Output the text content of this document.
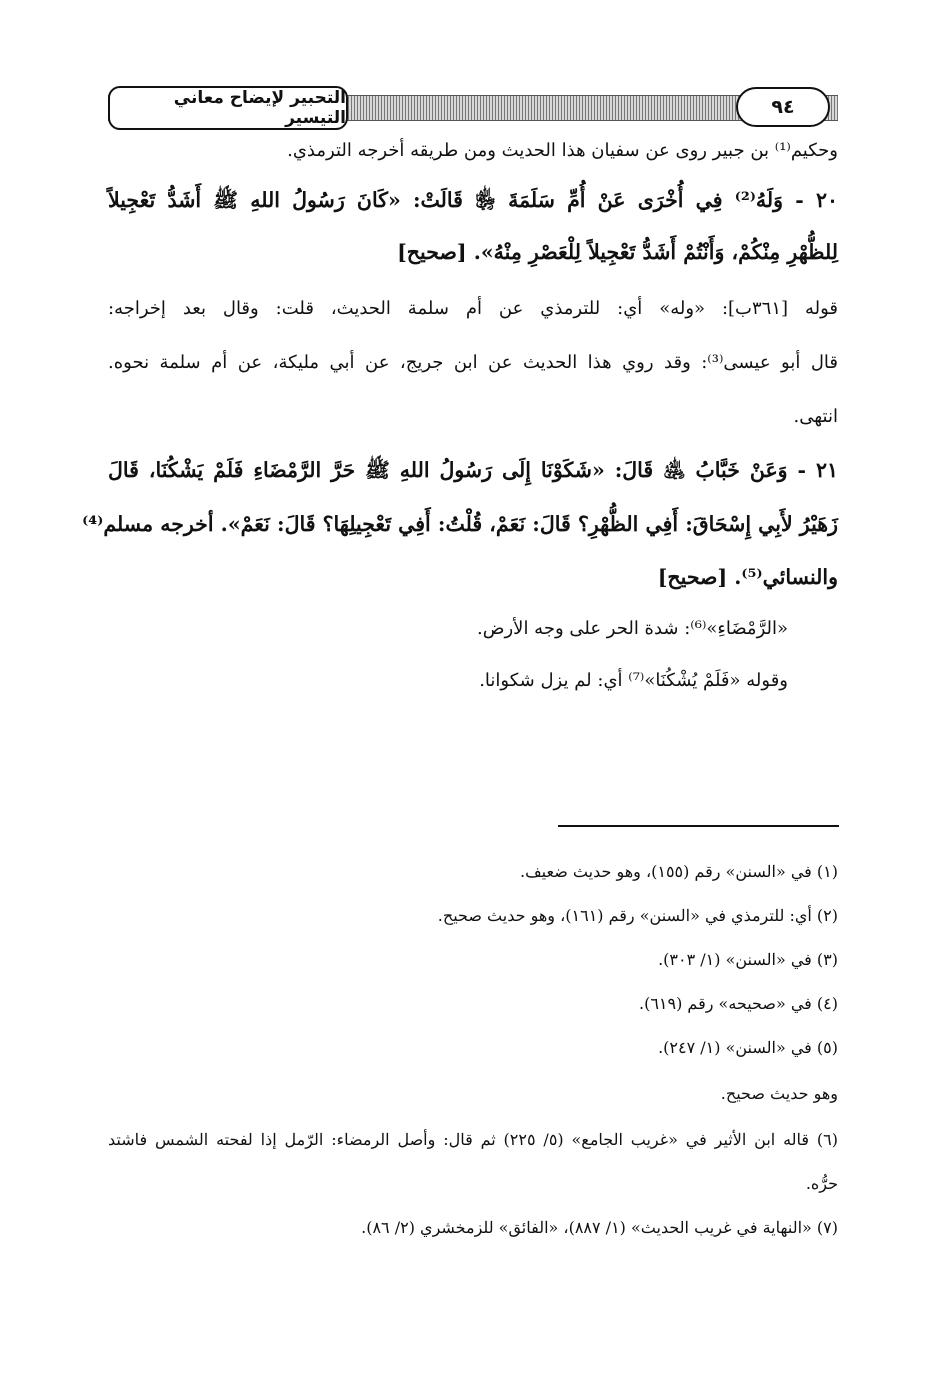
التحبير لإيضاح معاني التيسير	٩٤
وحكيم⁽¹⁾ بن جبير روى عن سفيان هذا الحديث ومن طريقه أخرجه الترمذي.
٢٠ - وَلَهُ⁽²⁾ فِي أُخْرَى عَنْ أُمِّ سَلَمَةَ ﵂ قَالَتْ: «كَانَ رَسُولُ اللهِ ﷺ أَشَدُّ تَعْجِيلاً
لِلظُّهْرِ مِنْكُمْ، وَأَنْتُمْ أَشَدُّ تَعْجِيلاً لِلْعَصْرِ مِنْهُ». [صحيح]
قوله [٣٦١ب]: «وله» أي: للترمذي عن أم سلمة الحديث، قلت: وقال بعد إخراجه:
قال أبو عيسى⁽³⁾: وقد روي هذا الحديث عن ابن جريج، عن أبي مليكة، عن أم سلمة نحوه.
انتهى.
٢١ - وَعَنْ خَبَّابُ ﵁ قَالَ: «شَكَوْنَا إِلَى رَسُولُ اللهِ ﷺ حَرَّ الرَّمْضَاءِ فَلَمْ يَشْكُنَا، قَالَ
زَهَيْرُ لأَبِي إِسْحَاقَ: أَفِي الظُّهْرِ؟ قَالَ: نَعَمْ، قُلْتُ: أَفِي تَعْجِيلِهَا؟ قَالَ: نَعَمْ». أخرجه مسلم⁽⁴⁾
والنسائي⁽⁵⁾. [صحيح]
«الرَّمْضَاءِ»⁽⁶⁾: شدة الحر على وجه الأرض.
وقوله «فَلَمْ يُشْكُنَا»⁽⁷⁾ أي: لم يزل شكوانا.
(١) في «السنن» رقم (١٥٥)، وهو حديث ضعيف.
(٢) أي: للترمذي في «السنن» رقم (١٦١)، وهو حديث صحيح.
(٣) في «السنن» (١/ ٣٠٣).
(٤) في «صحيحه» رقم (٦١٩).
(٥) في «السنن» (١/ ٢٤٧).
وهو حديث صحيح.
(٦) قاله ابن الأثير في «غريب الجامع» (٥/ ٢٢٥) ثم قال: وأصل الرمضاء: الرّمل إذا لفحته الشمس فاشتد
حرُّه.
(٧) «النهاية في غريب الحديث» (١/ ٨٨٧)، «الفائق» للزمخشري (٢/ ٨٦).
